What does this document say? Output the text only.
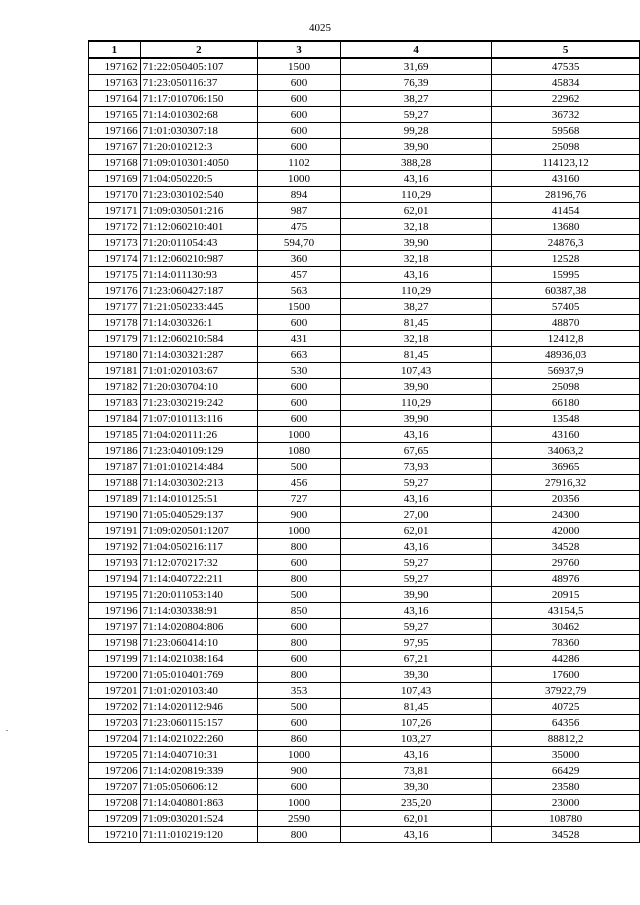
4025
1	2	3	4	5
197162	71:22:050405:107	1500	31,69	47535
197163	71:23:050116:37	600	76,39	45834
197164	71:17:010706:150	600	38,27	22962
197165	71:14:010302:68	600	59,27	36732
197166	71:01:030307:18	600	99,28	59568
197167	71:20:010212:3	600	39,90	25098
197168	71:09:010301:4050	1102	388,28	114123,12
197169	71:04:050220:5	1000	43,16	43160
197170	71:23:030102:540	894	110,29	28196,76
197171	71:09:030501:216	987	62,01	41454
197172	71:12:060210:401	475	32,18	13680
197173	71:20:011054:43	594,70	39,90	24876,3
197174	71:12:060210:987	360	32,18	12528
197175	71:14:011130:93	457	43,16	15995
197176	71:23:060427:187	563	110,29	60387,38
197177	71:21:050233:445	1500	38,27	57405
197178	71:14:030326:1	600	81,45	48870
197179	71:12:060210:584	431	32,18	12412,8
197180	71:14:030321:287	663	81,45	48936,03
197181	71:01:020103:67	530	107,43	56937,9
197182	71:20:030704:10	600	39,90	25098
197183	71:23:030219:242	600	110,29	66180
197184	71:07:010113:116	600	39,90	13548
197185	71:04:020111:26	1000	43,16	43160
197186	71:23:040109:129	1080	67,65	34063,2
197187	71:01:010214:484	500	73,93	36965
197188	71:14:030302:213	456	59,27	27916,32
197189	71:14:010125:51	727	43,16	20356
197190	71:05:040529:137	900	27,00	24300
197191	71:09:020501:1207	1000	62,01	42000
197192	71:04:050216:117	800	43,16	34528
197193	71:12:070217:32	600	59,27	29760
197194	71:14:040722:211	800	59,27	48976
197195	71:20:011053:140	500	39,90	20915
197196	71:14:030338:91	850	43,16	43154,5
197197	71:14:020804:806	600	59,27	30462
197198	71:23:060414:10	800	97,95	78360
197199	71:14:021038:164	600	67,21	44286
197200	71:05:010401:769	800	39,30	17600
197201	71:01:020103:40	353	107,43	37922,79
197202	71:14:020112:946	500	81,45	40725
197203	71:23:060115:157	600	107,26	64356
197204	71:14:021022:260	860	103,27	88812,2
197205	71:14:040710:31	1000	43,16	35000
197206	71:14:020819:339	900	73,81	66429
197207	71:05:050606:12	600	39,30	23580
197208	71:14:040801:863	1000	235,20	23000
197209	71:09:030201:524	2590	62,01	108780
197210	71:11:010219:120	800	43,16	34528
